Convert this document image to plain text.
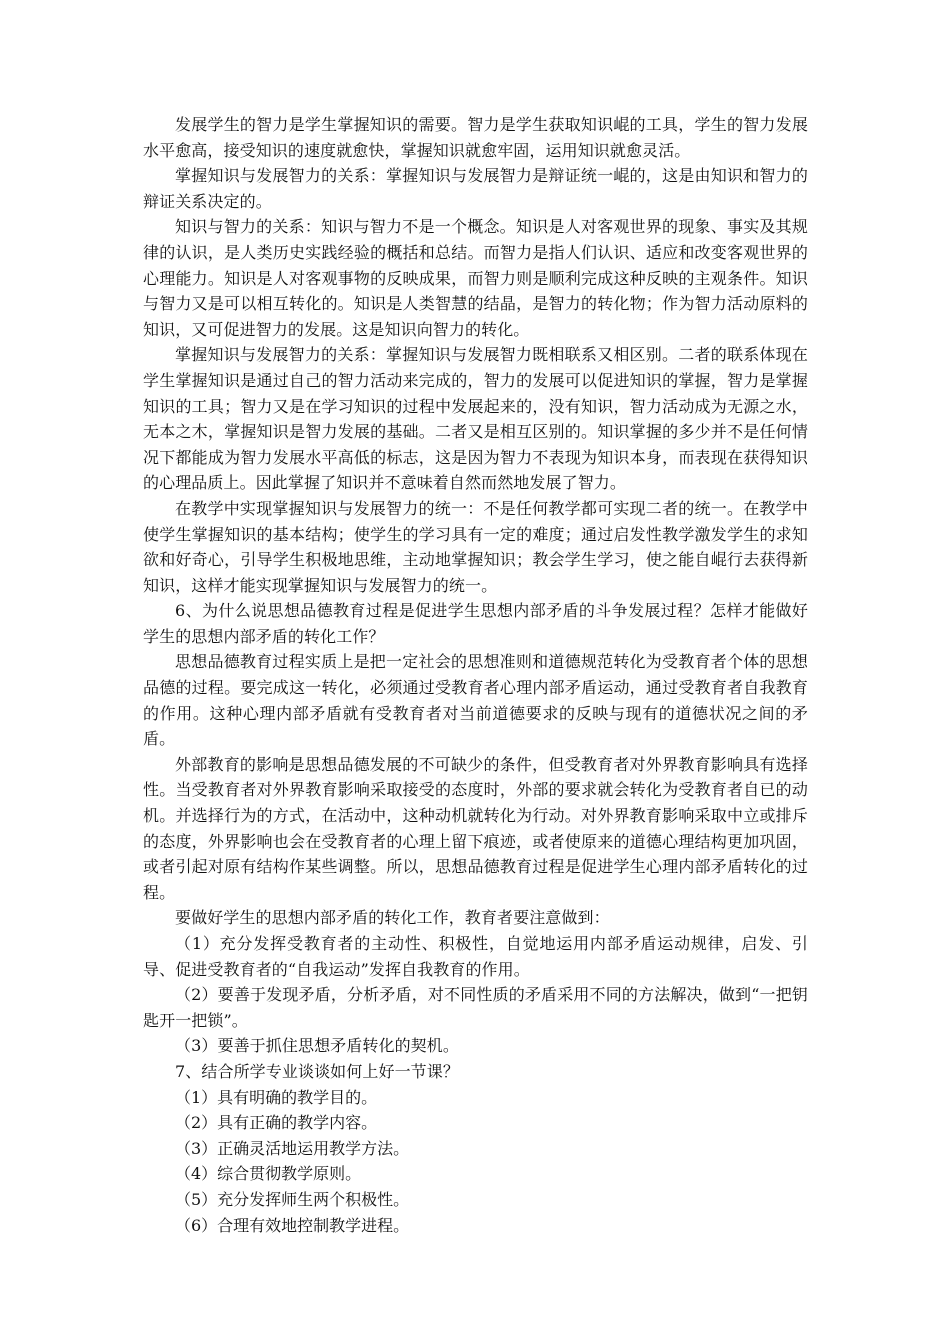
发展学生的智力是学生掌握知识的需要。智力是学生获取知识崐的工具，学生的智力发展水平愈高，接受知识的速度就愈快，掌握知识就愈牢固，运用知识就愈灵活。

掌握知识与发展智力的关系：掌握知识与发展智力是辩证统一崐的，这是由知识和智力的辩证关系决定的。

知识与智力的关系：知识与智力不是一个概念。知识是人对客观世界的现象、事实及其规律的认识，是人类历史实践经验的概括和总结。而智力是指人们认识、适应和改变客观世界的心理能力。知识是人对客观事物的反映成果，而智力则是顺利完成这种反映的主观条件。知识与智力又是可以相互转化的。知识是人类智慧的结晶，是智力的转化物；作为智力活动原料的知识，又可促进智力的发展。这是知识向智力的转化。

掌握知识与发展智力的关系：掌握知识与发展智力既相联系又相区别。二者的联系体现在学生掌握知识是通过自己的智力活动来完成的，智力的发展可以促进知识的掌握，智力是掌握知识的工具；智力又是在学习知识的过程中发展起来的，没有知识，智力活动成为无源之水，无本之木，掌握知识是智力发展的基础。二者又是相互区别的。知识掌握的多少并不是任何情况下都能成为智力发展水平高低的标志，这是因为智力不表现为知识本身，而表现在获得知识的心理品质上。因此掌握了知识并不意味着自然而然地发展了智力。

在教学中实现掌握知识与发展智力的统一：不是任何教学都可实现二者的统一。在教学中使学生掌握知识的基本结构；使学生的学习具有一定的难度；通过启发性教学激发学生的求知欲和好奇心，引导学生积极地思维，主动地掌握知识；教会学生学习，使之能自崐行去获得新知识，这样才能实现掌握知识与发展智力的统一。

6、为什么说思想品德教育过程是促进学生思想内部矛盾的斗争发展过程？怎样才能做好学生的思想内部矛盾的转化工作？

思想品德教育过程实质上是把一定社会的思想准则和道德规范转化为受教育者个体的思想品德的过程。要完成这一转化，必须通过受教育者心理内部矛盾运动，通过受教育者自我教育的作用。这种心理内部矛盾就有受教育者对当前道德要求的反映与现有的道德状况之间的矛盾。

外部教育的影响是思想品德发展的不可缺少的条件，但受教育者对外界教育影响具有选择性。当受教育者对外界教育影响采取接受的态度时，外部的要求就会转化为受教育者自已的动机。并选择行为的方式，在活动中，这种动机就转化为行动。对外界教育影响采取中立或排斥的态度，外界影响也会在受教育者的心理上留下痕迹，或者使原来的道德心理结构更加巩固，或者引起对原有结构作某些调整。所以，思想品德教育过程是促进学生心理内部矛盾转化的过程。

要做好学生的思想内部矛盾的转化工作，教育者要注意做到：

（1）充分发挥受教育者的主动性、积极性，自觉地运用内部矛盾运动规律，启发、引导、促进受教育者的“自我运动”发挥自我教育的作用。

（2）要善于发现矛盾，分析矛盾，对不同性质的矛盾采用不同的方法解决，做到“一把钥匙开一把锁”。

（3）要善于抓住思想矛盾转化的契机。

7、结合所学专业谈谈如何上好一节课？

（1）具有明确的教学目的。

（2）具有正确的教学内容。

（3）正确灵活地运用教学方法。

（4）综合贯彻教学原则。

（5）充分发挥师生两个积极性。

（6）合理有效地控制教学进程。
